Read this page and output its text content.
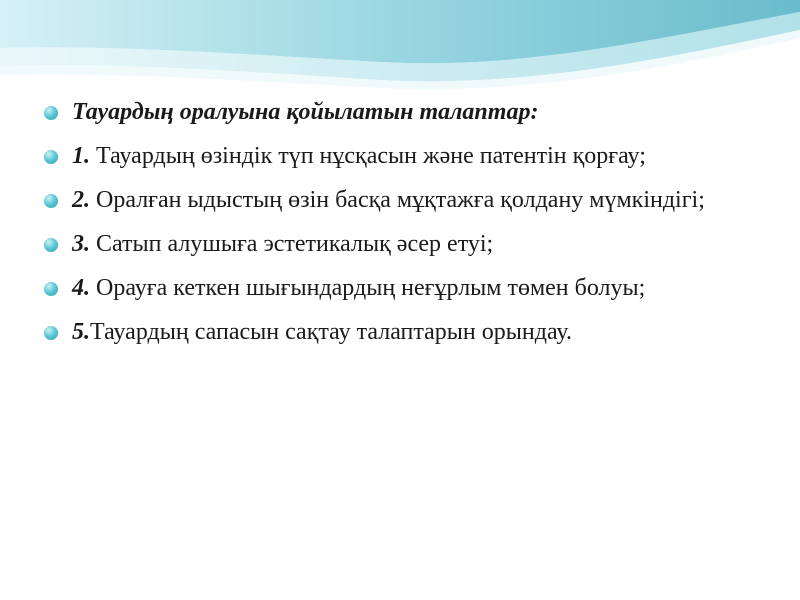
Тауардың оралуына қойылатын талаптар:
1. Тауардың өзіндік түп нұсқасын және патентін қорғау;
2. Оралған ыдыстың өзін басқа мұқтажға қолдану мүмкіндігі;
3. Сатып алушыға эстетикалық әсер етуі;
4. Орауға кеткен шығындардың неғұрлым төмен болуы;
5.Тауардың сапасын сақтау талаптарын орындау.
